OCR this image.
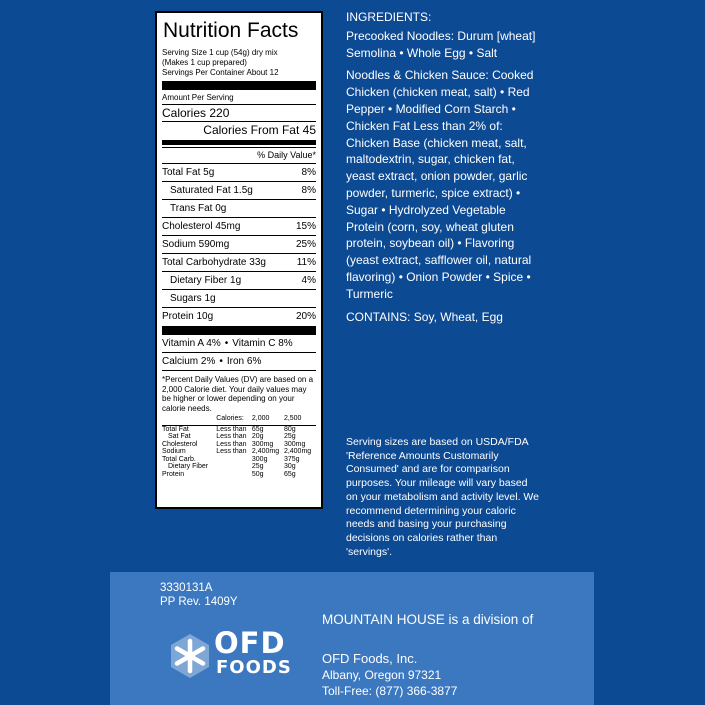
Nutrition Facts
Serving Size 1 cup (54g) dry mix
(Makes 1 cup prepared)
Servings Per Container About 12
Amount Per Serving
Calories 220
Calories From Fat 45
% Daily Value*
Total Fat 5g	8%
Saturated Fat 1.5g	8%
Trans Fat 0g
Cholesterol 45mg	15%
Sodium 590mg	25%
Total Carbohydrate 33g	11%
Dietary Fiber 1g	4%
Sugars 1g
Protein 10g	20%
Vitamin A 4% • Vitamin C 8%
Calcium 2% • Iron 6%
*Percent Daily Values (DV) are based on a 2,000 Calorie diet. Your daily values may be higher or lower depending on your calorie needs.
	Calories:	2,000	2,500
Total Fat	Less than	65g	80g
Sat Fat	Less than	20g	25g
Cholesterol	Less than	300mg	300mg
Sodium	Less than	2,400mg	2,400mg
Total Carb.		300g	375g
Dietary Fiber		25g	30g
Protein		50g	65g

INGREDIENTS:

Precooked Noodles: Durum [wheat] Semolina • Whole Egg • Salt

Noodles & Chicken Sauce: Cooked Chicken (chicken meat, salt) • Red Pepper • Modified Corn Starch • Chicken Fat Less than 2% of: Chicken Base (chicken meat, salt, maltodextrin, sugar, chicken fat, yeast extract, onion powder, garlic powder, turmeric, spice extract) • Sugar • Hydrolyzed Vegetable Protein (corn, soy, wheat gluten protein, soybean oil) • Flavoring (yeast extract, safflower oil, natural flavoring) • Onion Powder • Spice • Turmeric

CONTAINS: Soy, Wheat, Egg

Serving sizes are based on USDA/FDA 'Reference Amounts Customarily Consumed' and are for comparison purposes. Your mileage will vary based on your metabolism and activity level. We recommend determining your caloric needs and basing your purchasing decisions on calories rather than 'servings'.
3330131A
PP Rev. 1409Y
OFD
FOODS
MOUNTAIN HOUSE is a division of
OFD Foods, Inc.
Albany, Oregon 97321
Toll-Free: (877) 366-3877
